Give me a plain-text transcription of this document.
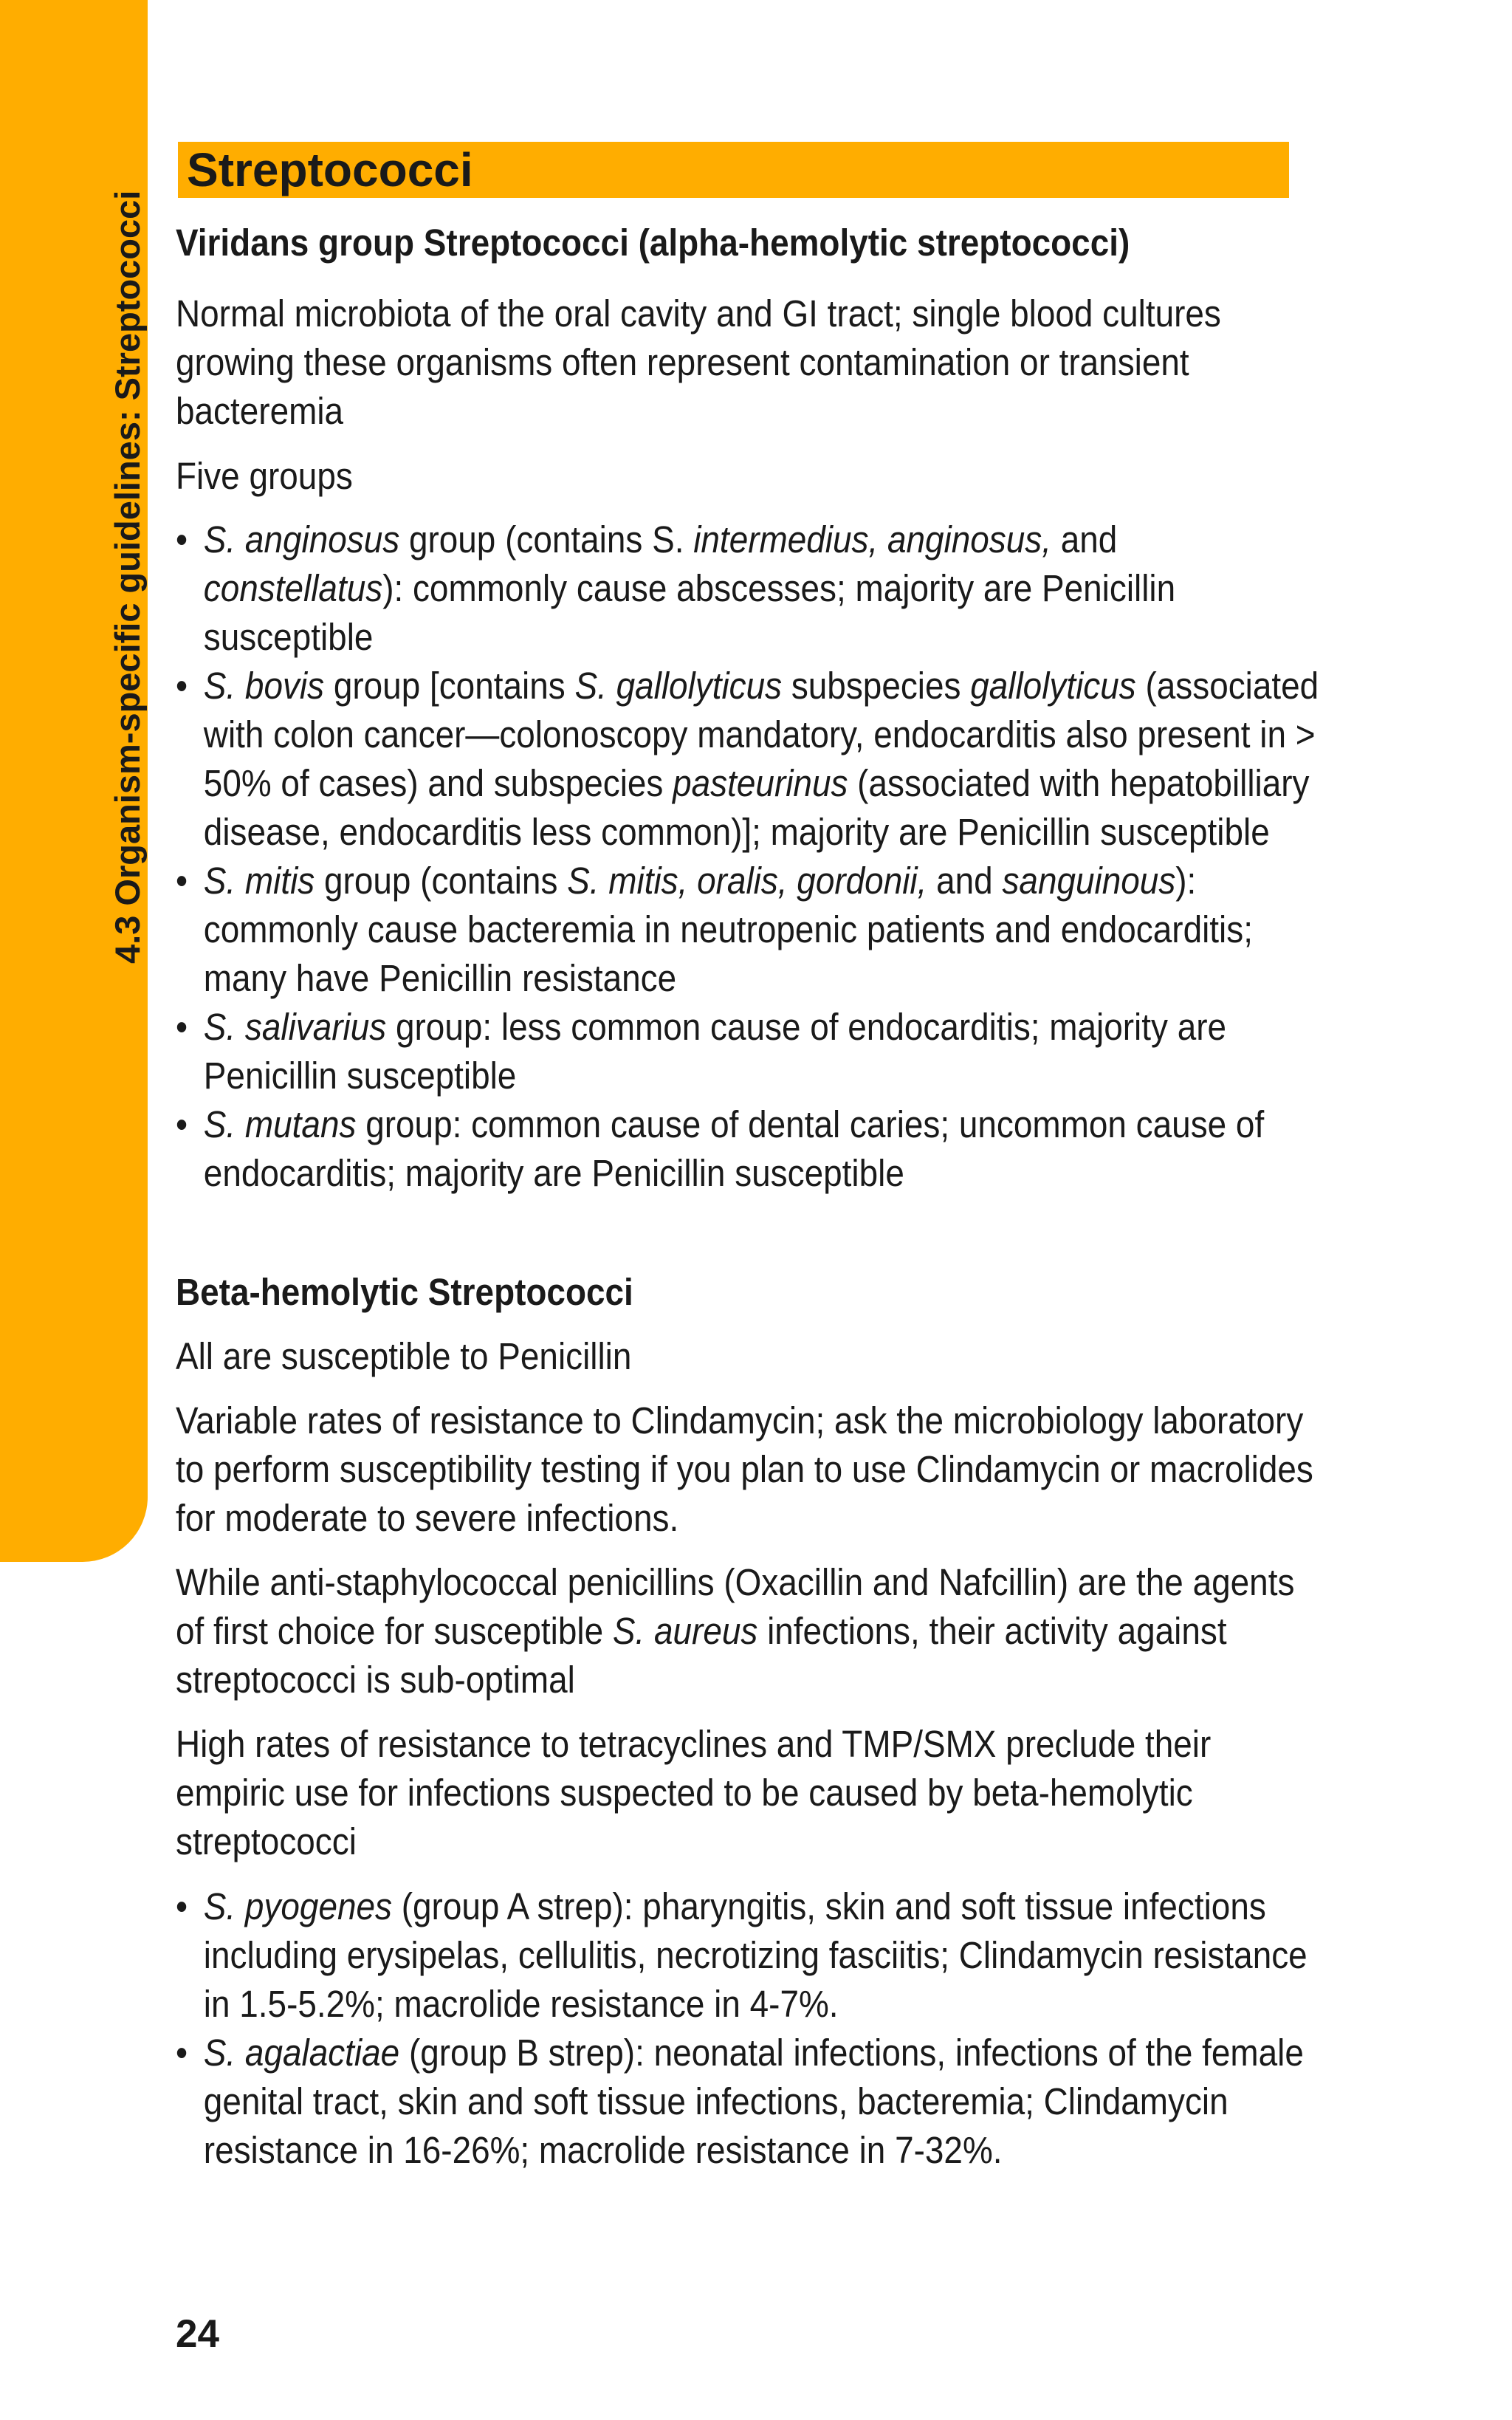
4.3 Organism-specific guidelines: Streptococci
Streptococci
Viridans group Streptococci (alpha-hemolytic streptococci)

Normal microbiota of the oral cavity and GI tract; single blood cultures growing these organisms often represent contamination or transient bacteremia

Five groups

• S. anginosus group (contains S. intermedius, anginosus, and constellatus): commonly cause abscesses; majority are Penicillin susceptible
• S. bovis group [contains S. gallolyticus subspecies gallolyticus (associated with colon cancer—colonoscopy mandatory, endocarditis also present in > 50% of cases) and subspecies pasteurinus (associated with hepatobilliary disease, endocarditis less common)]; majority are Penicillin susceptible
• S. mitis group (contains S. mitis, oralis, gordonii, and sanguinous): commonly cause bacteremia in neutropenic patients and endocarditis; many have Penicillin resistance
• S. salivarius group: less common cause of endocarditis; majority are Penicillin susceptible
• S. mutans group: common cause of dental caries; uncommon cause of endocarditis; majority are Penicillin susceptible
Beta-hemolytic Streptococci

All are susceptible to Penicillin

Variable rates of resistance to Clindamycin; ask the microbiology laboratory to perform susceptibility testing if you plan to use Clindamycin or macrolides for moderate to severe infections.

While anti-staphylococcal penicillins (Oxacillin and Nafcillin) are the agents of first choice for susceptible S. aureus infections, their activity against streptococci is sub-optimal

High rates of resistance to tetracyclines and TMP/SMX preclude their empiric use for infections suspected to be caused by beta-hemolytic streptococci

• S. pyogenes (group A strep): pharyngitis, skin and soft tissue infections including erysipelas, cellulitis, necrotizing fasciitis; Clindamycin resistance in 1.5-5.2%; macrolide resistance in 4-7%.
• S. agalactiae (group B strep): neonatal infections, infections of the female genital tract, skin and soft tissue infections, bacteremia; Clindamycin resistance in 16-26%; macrolide resistance in 7-32%.
24
